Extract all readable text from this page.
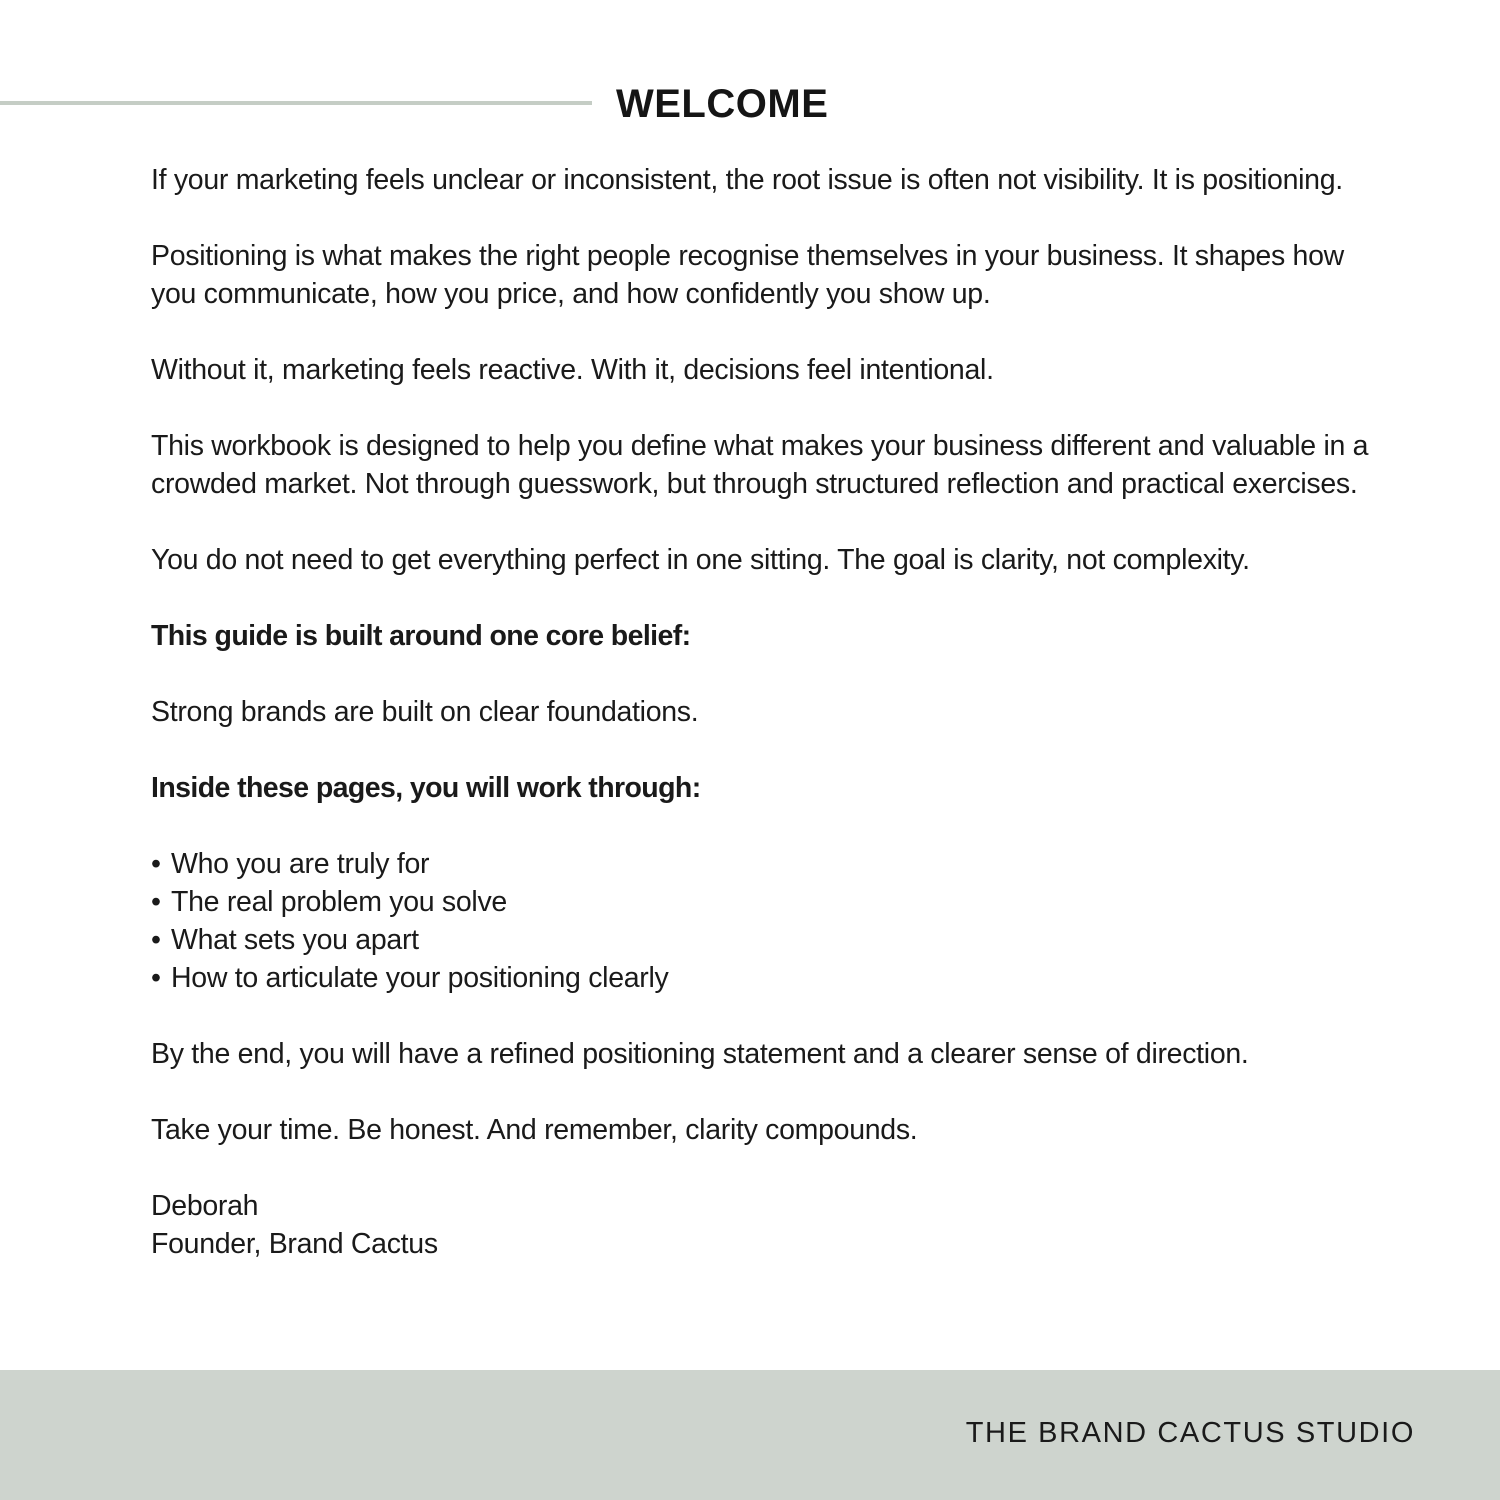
WELCOME

If your marketing feels unclear or inconsistent, the root issue is often not visibility. It is positioning.

Positioning is what makes the right people recognise themselves in your business. It shapes how you communicate, how you price, and how confidently you show up.

Without it, marketing feels reactive. With it, decisions feel intentional.

This workbook is designed to help you define what makes your business different and valuable in a crowded market. Not through guesswork, but through structured reflection and practical exercises.

You do not need to get everything perfect in one sitting. The goal is clarity, not complexity.

This guide is built around one core belief:

Strong brands are built on clear foundations.

Inside these pages, you will work through:

• Who you are truly for
• The real problem you solve
• What sets you apart
• How to articulate your positioning clearly

By the end, you will have a refined positioning statement and a clearer sense of direction.

Take your time. Be honest. And remember, clarity compounds.

Deborah
Founder, Brand Cactus

THE BRAND CACTUS STUDIO
